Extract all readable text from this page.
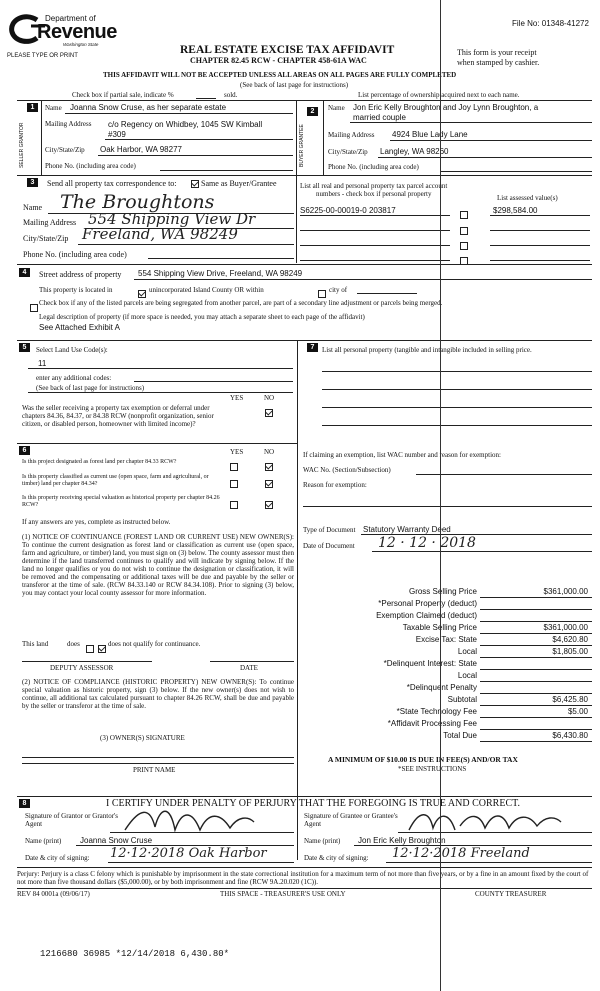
Department of
Revenue
Washington State
PLEASE TYPE OR PRINT
File No: 01348-41272
REAL ESTATE EXCISE TAX AFFIDAVIT
CHAPTER 82.45 RCW - CHAPTER 458-61A WAC
This form is your receipt
when stamped by cashier.
THIS AFFIDAVIT WILL NOT BE ACCEPTED UNLESS ALL AREAS ON ALL PAGES ARE FULLY COMPLETED
(See back of last page for instructions)
Check box if partial sale, indicate %	sold.	List percentage of ownership acquired next to each name.
1
SELLER GRANTOR
Name Joanna Snow Cruse, as her separate estate
Mailing Address c/o Regency on Whidbey, 1045 SW Kimball
#309
City/State/Zip Oak Harbor, WA 98277
Phone No. (including area code)
2
BUYER GRANTEE
Name Jon Eric Kelly Broughton and Joy Lynn Broughton, a
married couple
Mailing Address 4924 Blue Lady Lane
City/State/Zip Langley, WA 98260
Phone No. (including area code)
3	Send all property tax correspondence to:	Same as Buyer/Grantee
Name The Broughtons
Mailing Address 554 Shipping View Dr
City/State/Zip Freeland, WA 98249
Phone No. (including area code)
List all real and personal property tax parcel account
numbers - check box if personal property	List assessed value(s)
S6225-00-00019-0 203817	$298,584.00
4	Street address of property 554 Shipping View Drive, Freeland, WA 98249
This property is located in	unincorporated Island County OR within	city of
Check box if any of the listed parcels are being segregated from another parcel, are part of a secondary line adjustment or parcels being merged.
Legal description of property (if more space is needed, you may attach a separate sheet to each page of the affidavit)
See Attached Exhibit A
5	Select Land Use Code(s):
11
enter any additional codes:
(See back of last page for instructions)
YES	NO
Was the seller receiving a property tax exemption or deferral under chapters 84.36, 84.37, or 84.38 RCW (nonprofit organization, senior citizen, or disabled person, homeowner with limited income)?
7	List all personal property (tangible and intangible included in selling price.
6	YES	NO
Is this project designated as forest land per chapter 84.33 RCW?
Is this property classified as current use (open space, farm and agricultural, or timber) land per chapter 84.34?
Is this property receiving special valuation as historical property per chapter 84.26 RCW?
If any answers are yes, complete as instructed below.
(1) NOTICE OF CONTINUANCE (FOREST LAND OR CURRENT USE) NEW OWNER(S): To continue the current designation as forest land or classification as current use (open space, farm and agriculture, or timber) land, you must sign on (3) below. The county assessor must then determine if the land transferred continues to qualify and will indicate by signing below. If the land no longer qualifies or you do not wish to continue the designation or classification, it will be removed and the compensating or additional taxes will be due and payable by the seller or transferor at the time of sale. (RCW 84.33.140 or RCW 84.34.108). Prior to signing (3) below, you may contact your local county assessor for more information.
This land	does	does not qualify for continuance.
DEPUTY ASSESSOR	DATE
(2) NOTICE OF COMPLIANCE (HISTORIC PROPERTY) NEW OWNER(S): To continue special valuation as historic property, sign (3) below. If the new owner(s) does not wish to continue, all additional tax calculated pursuant to chapter 84.26 RCW, shall be due and payable by the seller or transferor at the time of sale.
(3) OWNER(S) SIGNATURE
PRINT NAME
If claiming an exemption, list WAC number and reason for exemption:
WAC No. (Section/Subsection)
Reason for exemption:
Type of Document Statutory Warranty Deed
Date of Document 12 · 12 · 2018
Gross Selling Price	$361,000.00
*Personal Property (deduct)
Exemption Claimed (deduct)
Taxable Selling Price	$361,000.00
Excise Tax: State	$4,620.80
Local	$1,805.00
*Delinquent Interest: State
Local
*Delinquent Penalty
Subtotal	$6,425.80
*State Technology Fee	$5.00
*Affidavit Processing Fee
Total Due	$6,430.80
A MINIMUM OF $10.00 IS DUE IN FEE(S) AND/OR TAX
*SEE INSTRUCTIONS
8	I CERTIFY UNDER PENALTY OF PERJURY THAT THE FOREGOING IS TRUE AND CORRECT.
Signature of Grantor or Grantor's Agent
Name (print) Joanna Snow Cruse
Date & city of signing: 12·12·2018 Oak Harbor
Signature of Grantee or Grantee's Agent
Name (print) Jon Eric Kelly Broughton
Date & city of signing: 12·12·2018 Freeland
Perjury: Perjury is a class C felony which is punishable by imprisonment in the state correctional institution for a maximum term of not more than five years, or by a fine in an amount fixed by the court of not more than five thousand dollars ($5,000.00), or by both imprisonment and fine (RCW 9A.20.020 (1C)).
REV 84 0001a (09/06/17)	THIS SPACE - TREASURER'S USE ONLY	COUNTY TREASURER
1216680 36985 *12/14/2018 6,430.80*
